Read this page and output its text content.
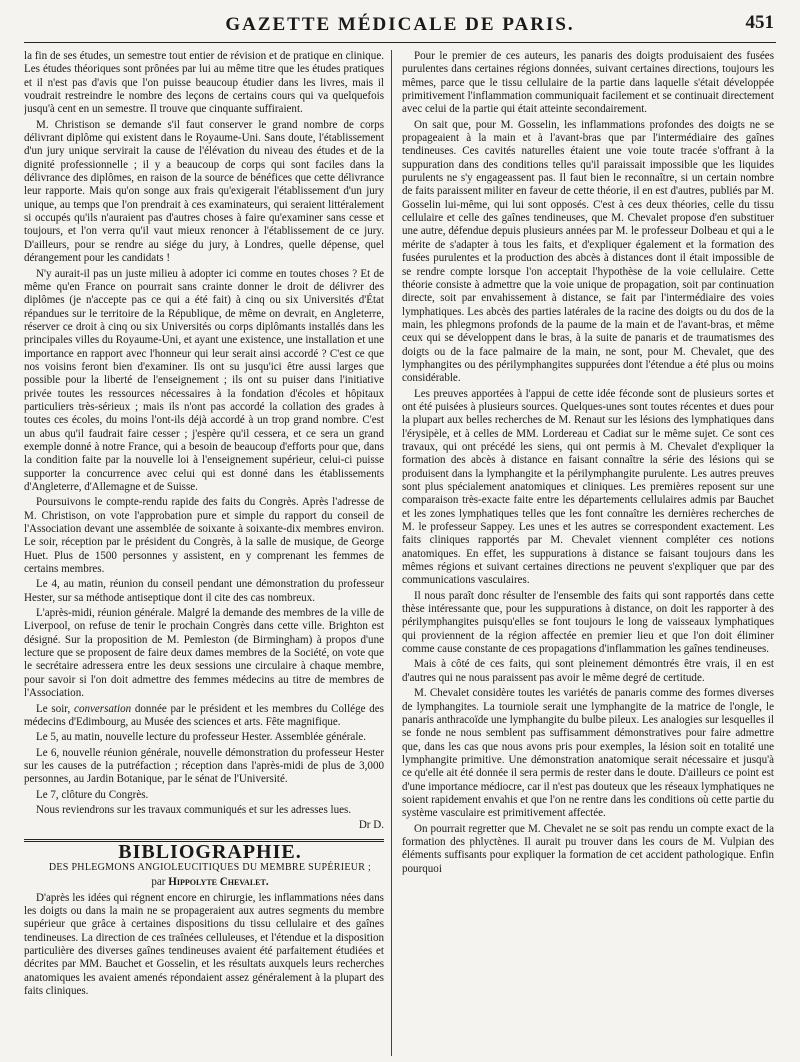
GAZETTE MÉDICALE DE PARIS.	451

la fin de ses études, un semestre tout entier de révision et de pratique en clinique. Les études théoriques sont prônées par lui au même titre que les études pratiques et il n'est pas d'avis que l'on puisse beaucoup étudier dans les livres, mais il voudrait restreindre le nombre des leçons de certains cours qui va quelquefois jusqu'à cent en un semestre. Il trouve que cinquante suffiraient.

M. Christison se demande s'il faut conserver le grand nombre de corps délivrant diplôme qui existent dans le Royaume-Uni. Sans doute, l'établissement d'un jury unique servirait la cause de l'élévation du niveau des études et de la dignité professionnelle ; il y a beaucoup de corps qui sont faciles dans la délivrance des diplômes, en raison de la source de bénéfices que cette délivrance leur rapporte. Mais qu'on songe aux frais qu'exigerait l'établissement d'un jury unique, au temps que l'on prendrait à ces examinateurs, qui seraient littéralement si occupés qu'ils n'auraient pas d'autres choses à faire qu'examiner sans cesse et toujours, et l'on verra qu'il vaut mieux renoncer à l'établissement de ce jury. D'ailleurs, pour se rendre au siége du jury, à Londres, quelle dépense, quel dérangement pour les candidats !

N'y aurait-il pas un juste milieu à adopter ici comme en toutes choses ? Et de même qu'en France on pourrait sans crainte donner le droit de délivrer des diplômes (je n'accepte pas ce qui a été fait) à cinq ou six Universités d'État répandues sur le territoire de la République, de même on devrait, en Angleterre, réserver ce droit à cinq ou six Universités ou corps diplômants installés dans les principales villes du Royaume-Uni, et ayant une existence, une installation et une importance en rapport avec l'honneur qui leur serait ainsi accordé ? C'est ce que nos voisins feront bien d'examiner. Ils ont su jusqu'ici être aussi larges que possible pour la liberté de l'enseignement ; ils ont su puiser dans l'initiative privée toutes les ressources nécessaires à la fondation d'écoles et hôpitaux particuliers très-sérieux ; mais ils n'ont pas accordé la collation des grades à toutes ces écoles, du moins l'ont-ils déjà accordé à un trop grand nombre. C'est un abus qu'il faudrait faire cesser ; j'espère qu'il cessera, et ce sera un grand exemple donné à notre France, qui a besoin de beaucoup d'efforts pour que, dans la condition faite par la nouvelle loi à l'enseignement supérieur, celui-ci puisse supporter la concurrence avec celui qui est donné dans les établissements d'Angleterre, d'Allemagne et de Suisse.

Poursuivons le compte-rendu rapide des faits du Congrès. Après l'adresse de M. Christison, on vote l'approbation pure et simple du rapport du conseil de l'Association devant une assemblée de soixante à soixante-dix membres environ. Le soir, réception par le président du Congrès, à la salle de musique, de George Huet. Plus de 1500 personnes y assistent, en y comprenant les femmes de certains membres.

Le 4, au matin, réunion du conseil pendant une démonstration du professeur Hester, sur sa méthode antiseptique dont il cite des cas nombreux.

L'après-midi, réunion générale. Malgré la demande des membres de la ville de Liverpool, on refuse de tenir le prochain Congrès dans cette ville. Brighton est désigné. Sur la proposition de M. Pemleston (de Birmingham) à propos d'une lecture que se proposent de faire deux dames membres de la Société, on vote que le secrétaire adressera entre les deux sessions une circulaire à chaque membre, pour savoir si l'on doit admettre des femmes médecins au titre de membres de l'Association.

Le soir, conversation donnée par le président et les membres du Collége des médecins d'Edimbourg, au Musée des sciences et arts. Fête magnifique.

Le 5, au matin, nouvelle lecture du professeur Hester. Assemblée générale.

Le 6, nouvelle réunion générale, nouvelle démonstration du professeur Hester sur les causes de la putréfaction ; réception dans l'après-midi de plus de 3,000 personnes, au Jardin Botanique, par le sénat de l'Université.

Le 7, clôture du Congrès.

Nous reviendrons sur les travaux communiqués et sur les adresses lues.

Dr D.

BIBLIOGRAPHIE.

DES PHLEGMONS ANGIOLEUCITIQUES DU MEMBRE SUPÉRIEUR ;

par Hippolyte Chevalet.

D'après les idées qui régnent encore en chirurgie, les inflammations nées dans les doigts ou dans la main ne se propageraient aux autres segments du membre supérieur que grâce à certaines dispositions du tissu cellulaire et des gaînes tendineuses. La direction de ces traînées celluleuses, et l'étendue et la disposition particulière des diverses gaînes tendineuses avaient été parfaitement étudiées et décrites par MM. Bauchet et Gosselin, et les résultats auxquels leurs recherches anatomiques les avaient amenés répondaient assez généralement à la plupart des faits cliniques.

Pour le premier de ces auteurs, les panaris des doigts produisaient des fusées purulentes dans certaines régions données, suivant certaines directions, toujours les mêmes, parce que le tissu cellulaire de la partie dans laquelle s'était développée primitivement l'inflammation communiquait facilement et se continuait directement avec celui de la partie qui était atteinte secondairement.

On sait que, pour M. Gosselin, les inflammations profondes des doigts ne se propageaient à la main et à l'avant-bras que par l'intermédiaire des gaînes tendineuses. Ces cavités naturelles étaient une voie toute tracée s'offrant à la suppuration dans des conditions telles qu'il paraissait impossible que les liquides purulents ne s'y engageassent pas. Il faut bien le reconnaître, si un certain nombre de faits paraissent militer en faveur de cette théorie, il en est d'autres, publiés par M. Gosselin lui-même, qui lui sont opposés. C'est à ces deux théories, celle du tissu cellulaire et celle des gaînes tendineuses, que M. Chevalet propose d'en substituer une autre, défendue depuis plusieurs années par M. le professeur Dolbeau et qui a le mérite de s'adapter à tous les faits, et d'expliquer également et la formation des fusées purulentes et la production des abcès à distances dont il était impossible de se rendre compte lorsque l'on acceptait l'hypothèse de la voie cellulaire. Cette théorie consiste à admettre que la voie unique de propagation, soit par continuation directe, soit par envahissement à distance, se fait par l'intermédiaire des voies lymphatiques. Les abcès des parties latérales de la racine des doigts ou du dos de la main, les phlegmons profonds de la paume de la main et de l'avant-bras, et même ceux qui se développent dans le bras, à la suite de panaris et de traumatismes des doigts ou de la face palmaire de la main, ne sont, pour M. Chevalet, que des lymphangites ou des périlymphangites suppurées dont l'étendue a été plus ou moins considérable.

Les preuves apportées à l'appui de cette idée féconde sont de plusieurs sortes et ont été puisées à plusieurs sources. Quelques-unes sont toutes récentes et dues pour la plupart aux belles recherches de M. Renaut sur les lésions des lymphatiques dans l'érysipèle, et à celles de MM. Lordereau et Cadiat sur le même sujet. Ce sont ces travaux, qui ont précédé les siens, qui ont permis à M. Chevalet d'expliquer la formation des abcès à distance en faisant connaître la série des lésions qui se produisent dans la lymphangite et la périlymphangite purulente. Les autres preuves sont plus spécialement anatomiques et cliniques. Les premières reposent sur une comparaison très-exacte faite entre les départements cellulaires admis par Bauchet et les zones lymphatiques telles que les font connaître les dernières recherches de M. le professeur Sappey. Les unes et les autres se correspondent exactement. Les faits cliniques rapportés par M. Chevalet viennent compléter ces notions anatomiques. En effet, les suppurations à distance se faisant toujours dans les mêmes régions et suivant certaines directions ne peuvent s'expliquer que par des communications vasculaires.

Il nous paraît donc résulter de l'ensemble des faits qui sont rapportés dans cette thèse intéressante que, pour les suppurations à distance, on doit les rapporter à des périlymphangites puisqu'elles se font toujours le long de vaisseaux lymphatiques qui proviennent de la région affectée en premier lieu et que l'on doit éliminer comme cause constante de ces propagations d'inflammation les gaînes tendineuses.

Mais à côté de ces faits, qui sont pleinement démontrés être vrais, il en est d'autres qui ne nous paraissent pas avoir le même degré de certitude.

M. Chevalet considère toutes les variétés de panaris comme des formes diverses de lymphangites. La tourniole serait une lymphangite de la matrice de l'ongle, le panaris anthracoïde une lymphangite du bulbe pileux. Les analogies sur lesquelles il se fonde ne nous semblent pas suffisamment démonstratives pour faire admettre que, dans les cas que nous avons pris pour exemples, la lésion soit en totalité une lymphangite primitive. Une démonstration anatomique serait nécessaire et jusqu'à ce qu'elle ait été donnée il sera permis de rester dans le doute. D'ailleurs ce point est d'une importance médiocre, car il n'est pas douteux que les réseaux lymphatiques ne soient rapidement envahis et que l'on ne rentre dans les conditions où cette partie du système vasculaire est primitivement affectée.

On pourrait regretter que M. Chevalet ne se soit pas rendu un compte exact de la formation des phlyctènes. Il aurait pu trouver dans les cours de M. Vulpian des éléments suffisants pour expliquer la formation de cet accident pathologique. Enfin pourquoi
